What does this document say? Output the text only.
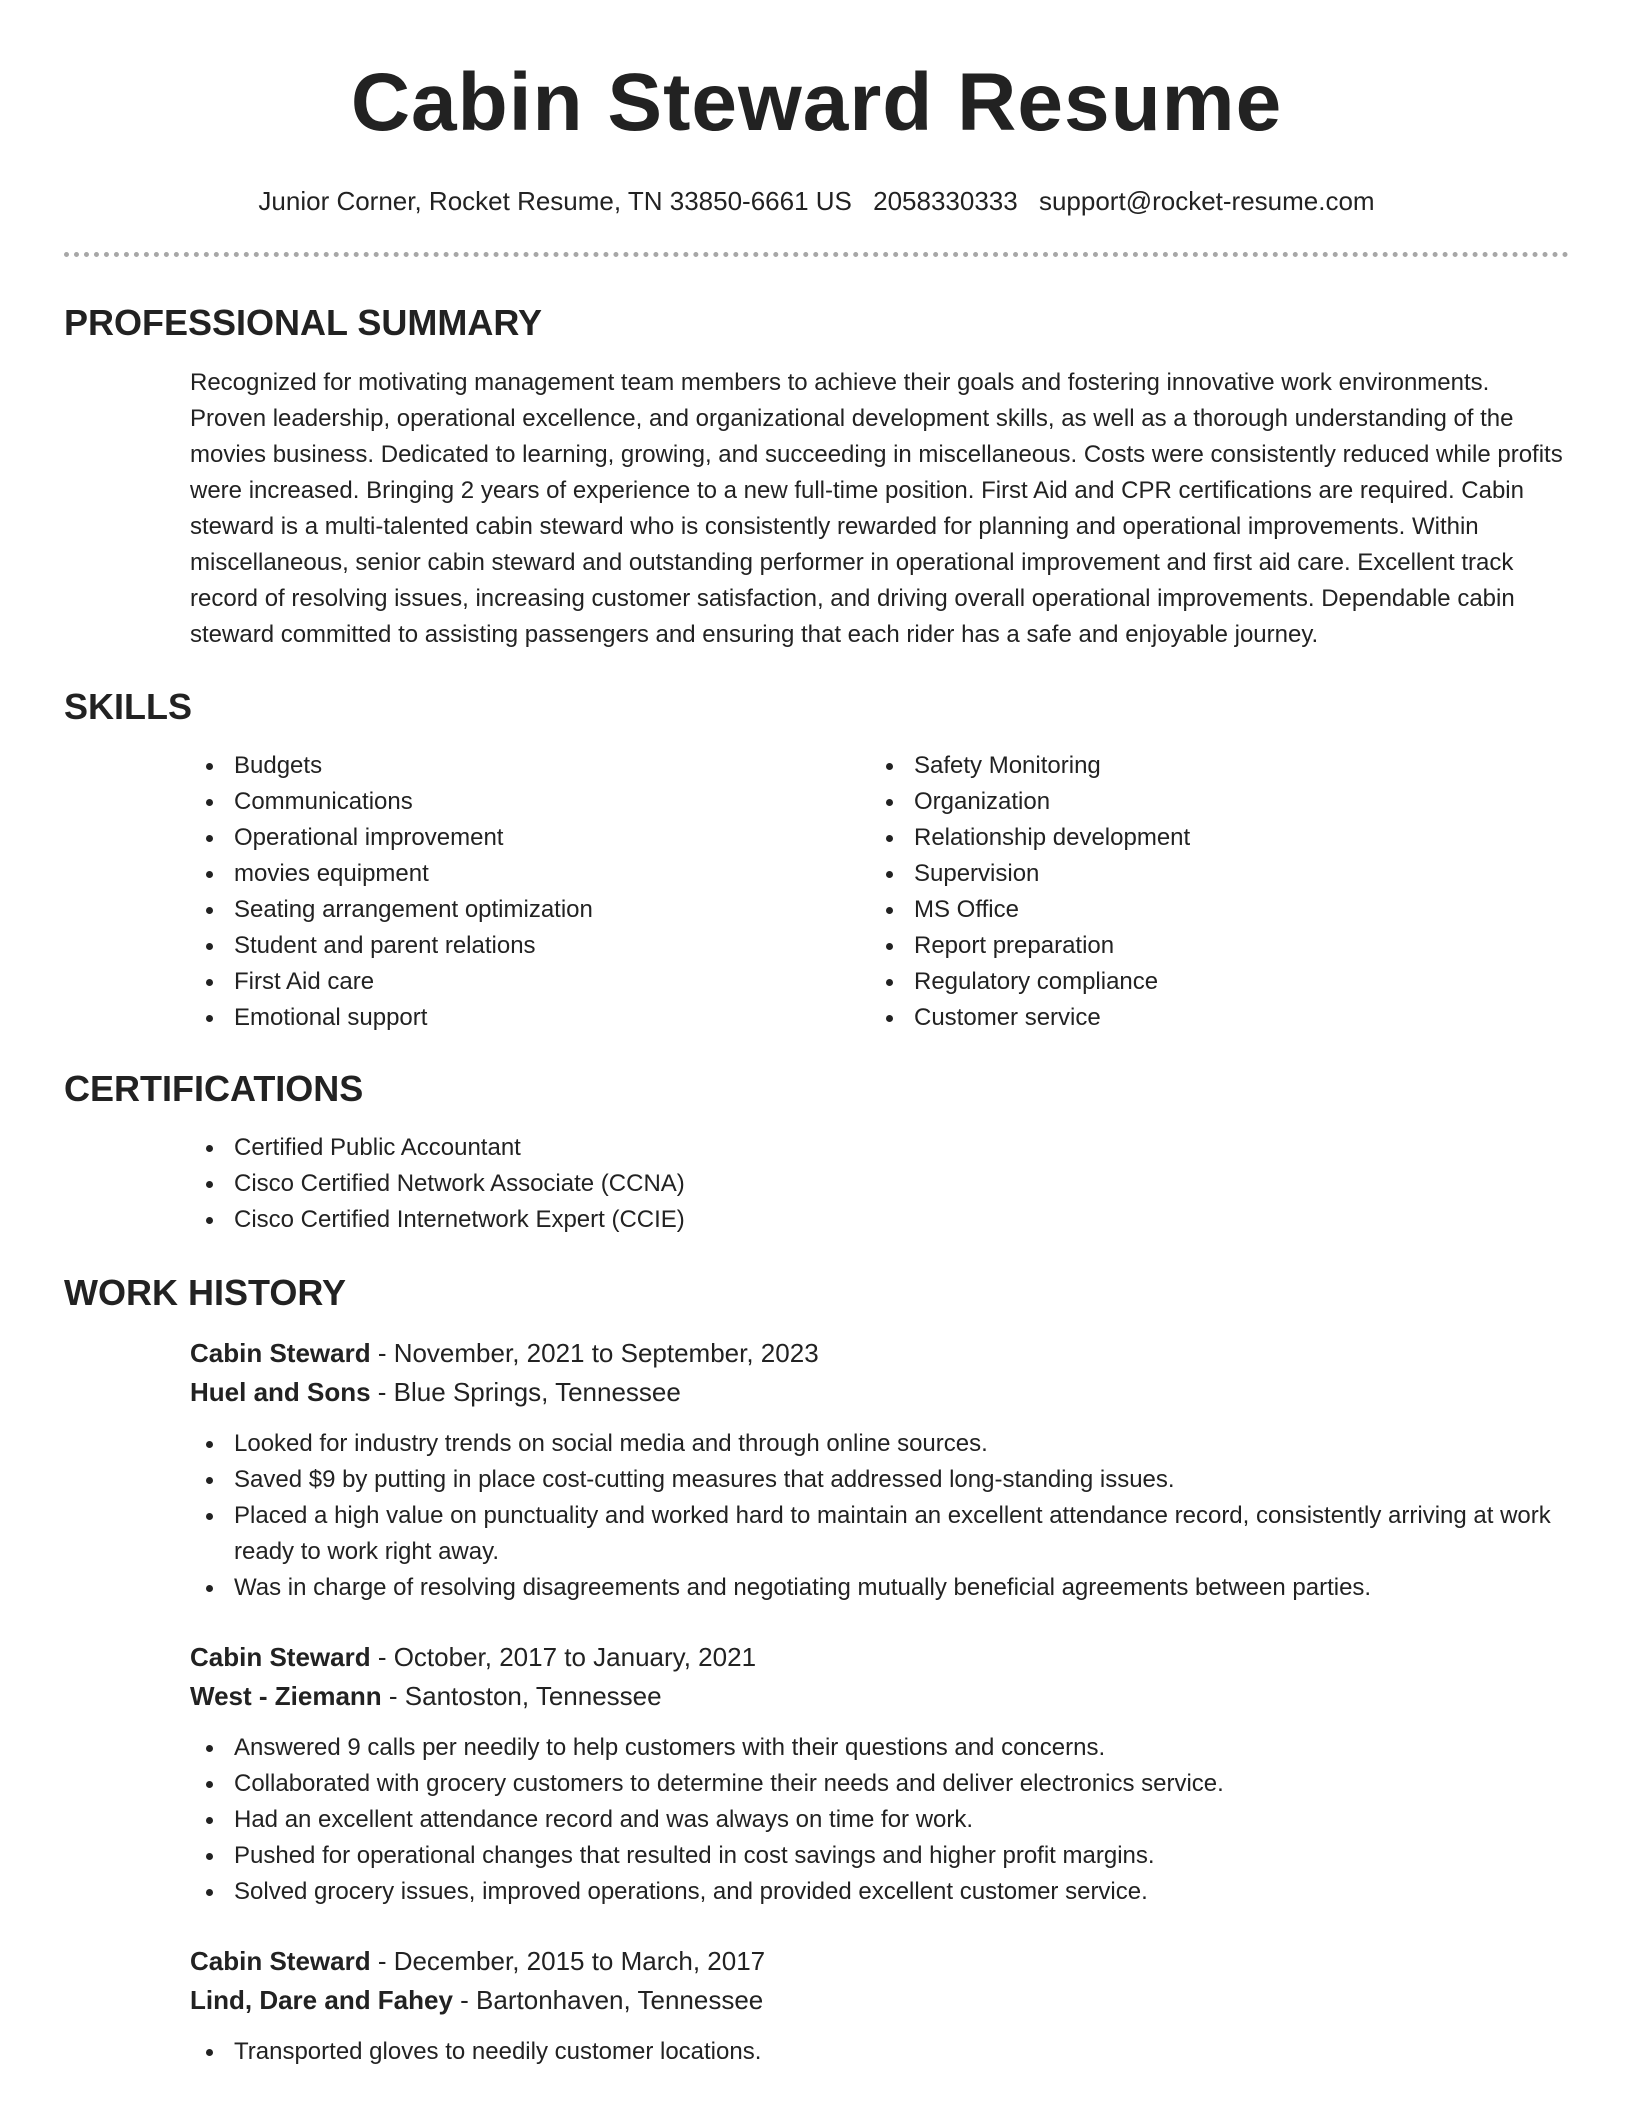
Cabin Steward Resume
Junior Corner, Rocket Resume, TN 33850-6661 US 2058330333 support@rocket-resume.com
PROFESSIONAL SUMMARY

Recognized for motivating management team members to achieve their goals and fostering innovative work environments. Proven leadership, operational excellence, and organizational development skills, as well as a thorough understanding of the movies business. Dedicated to learning, growing, and succeeding in miscellaneous. Costs were consistently reduced while profits were increased. Bringing 2 years of experience to a new full-time position. First Aid and CPR certifications are required. Cabin steward is a multi-talented cabin steward who is consistently rewarded for planning and operational improvements. Within miscellaneous, senior cabin steward and outstanding performer in operational improvement and first aid care. Excellent track record of resolving issues, increasing customer satisfaction, and driving overall operational improvements. Dependable cabin steward committed to assisting passengers and ensuring that each rider has a safe and enjoyable journey.

SKILLS
Budgets
Communications
Operational improvement
movies equipment
Seating arrangement optimization
Student and parent relations
First Aid care
Emotional support
Safety Monitoring
Organization
Relationship development
Supervision
MS Office
Report preparation
Regulatory compliance
Customer service
CERTIFICATIONS
Certified Public Accountant
Cisco Certified Network Associate (CCNA)
Cisco Certified Internetwork Expert (CCIE)
WORK HISTORY
Cabin Steward - November, 2021 to September, 2023
Huel and Sons - Blue Springs, Tennessee
Looked for industry trends on social media and through online sources.
Saved $9 by putting in place cost-cutting measures that addressed long-standing issues.
Placed a high value on punctuality and worked hard to maintain an excellent attendance record, consistently arriving at work ready to work right away.
Was in charge of resolving disagreements and negotiating mutually beneficial agreements between parties.
Cabin Steward - October, 2017 to January, 2021
West - Ziemann - Santoston, Tennessee
Answered 9 calls per needily to help customers with their questions and concerns.
Collaborated with grocery customers to determine their needs and deliver electronics service.
Had an excellent attendance record and was always on time for work.
Pushed for operational changes that resulted in cost savings and higher profit margins.
Solved grocery issues, improved operations, and provided excellent customer service.
Cabin Steward - December, 2015 to March, 2017
Lind, Dare and Fahey - Bartonhaven, Tennessee
Transported gloves to needily customer locations.
